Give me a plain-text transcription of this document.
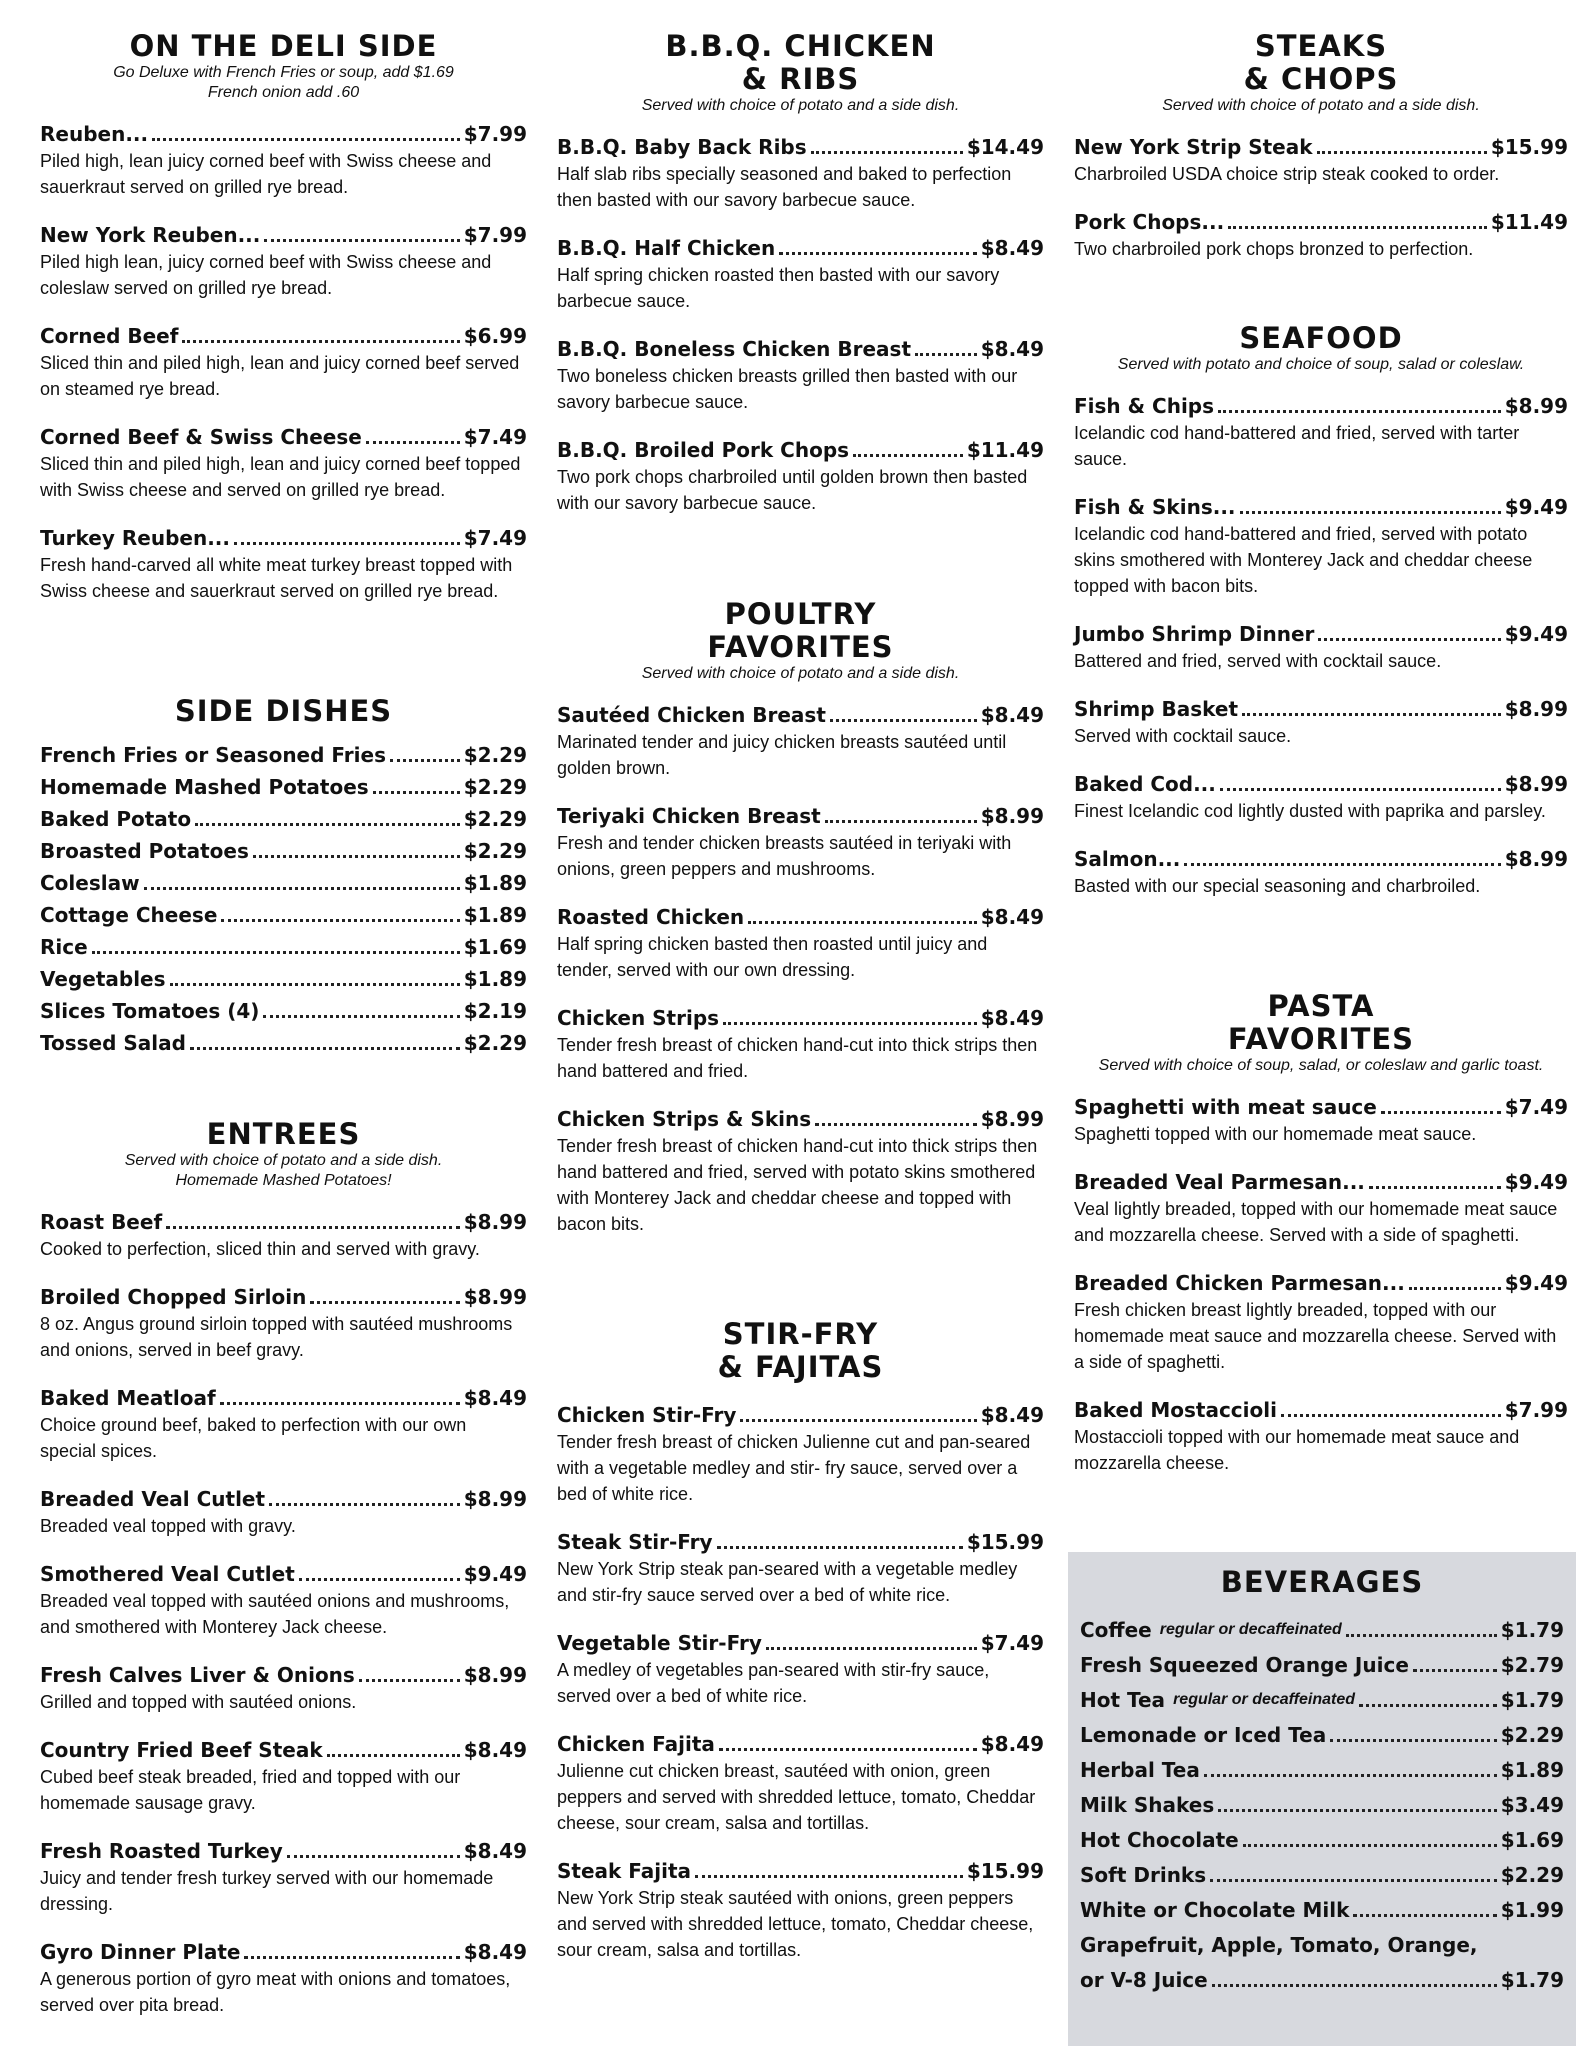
ON THE DELI SIDE
Go Deluxe with French Fries or soup, add $1.69
French onion add .60
Reuben...	$7.99
Piled high, lean juicy corned beef with Swiss cheese and sauerkraut served on grilled rye bread.
New York Reuben...	$7.99
Piled high lean, juicy corned beef with Swiss cheese and coleslaw served on grilled rye bread.
Corned Beef	$6.99
Sliced thin and piled high, lean and juicy corned beef served on steamed rye bread.
Corned Beef & Swiss Cheese	$7.49
Sliced thin and piled high, lean and juicy corned beef topped with Swiss cheese and served on grilled rye bread.
Turkey Reuben...	$7.49
Fresh hand-carved all white meat turkey breast topped with Swiss cheese and sauerkraut served on grilled rye bread.
SIDE DISHES
French Fries or Seasoned Fries	$2.29
Homemade Mashed Potatoes	$2.29
Baked Potato	$2.29
Broasted Potatoes	$2.29
Coleslaw	$1.89
Cottage Cheese	$1.89
Rice	$1.69
Vegetables	$1.89
Slices Tomatoes (4)	$2.19
Tossed Salad	$2.29
ENTREES
Served with choice of potato and a side dish.
Homemade Mashed Potatoes!
Roast Beef	$8.99
Cooked to perfection, sliced thin and served with gravy.
Broiled Chopped Sirloin	$8.99
8 oz. Angus ground sirloin topped with sautéed mushrooms and onions, served in beef gravy.
Baked Meatloaf	$8.49
Choice ground beef, baked to perfection with our own special spices.
Breaded Veal Cutlet	$8.99
Breaded veal topped with gravy.
Smothered Veal Cutlet	$9.49
Breaded veal topped with sautéed onions and mushrooms, and smothered with Monterey Jack cheese.
Fresh Calves Liver & Onions	$8.99
Grilled and topped with sautéed onions.
Country Fried Beef Steak	$8.49
Cubed beef steak breaded, fried and topped with our homemade sausage gravy.
Fresh Roasted Turkey	$8.49
Juicy and tender fresh turkey served with our homemade dressing.
Gyro Dinner Plate	$8.49
A generous portion of gyro meat with onions and tomatoes, served over pita bread.
B.B.Q. CHICKEN
& RIBS
Served with choice of potato and a side dish.
B.B.Q. Baby Back Ribs	$14.49
Half slab ribs specially seasoned and baked to perfection then basted with our savory barbecue sauce.
B.B.Q. Half Chicken	$8.49
Half spring chicken roasted then basted with our savory barbecue sauce.
B.B.Q. Boneless Chicken Breast	$8.49
Two boneless chicken breasts grilled then basted with our savory barbecue sauce.
B.B.Q. Broiled Pork Chops	$11.49
Two pork chops charbroiled until golden brown then basted with our savory barbecue sauce.
POULTRY
FAVORITES
Served with choice of potato and a side dish.
Sautéed Chicken Breast	$8.49
Marinated tender and juicy chicken breasts sautéed until golden brown.
Teriyaki Chicken Breast	$8.99
Fresh and tender chicken breasts sautéed in teriyaki with onions, green peppers and mushrooms.
Roasted Chicken	$8.49
Half spring chicken basted then roasted until juicy and tender, served with our own dressing.
Chicken Strips	$8.49
Tender fresh breast of chicken hand-cut into thick strips then hand battered and fried.
Chicken Strips & Skins	$8.99
Tender fresh breast of chicken hand-cut into thick strips then hand battered and fried, served with potato skins smothered with Monterey Jack and cheddar cheese and topped with bacon bits.
STIR-FRY
& FAJITAS
Chicken Stir-Fry	$8.49
Tender fresh breast of chicken Julienne cut and pan-seared with a vegetable medley and stir- fry sauce, served over a bed of white rice.
Steak Stir-Fry	$15.99
New York Strip steak pan-seared with a vegetable medley and stir-fry sauce served over a bed of white rice.
Vegetable Stir-Fry	$7.49
A medley of vegetables pan-seared with stir-fry sauce, served over a bed of white rice.
Chicken Fajita	$8.49
Julienne cut chicken breast, sautéed with onion, green peppers and served with shredded lettuce, tomato, Cheddar cheese, sour cream, salsa and tortillas.
Steak Fajita	$15.99
New York Strip steak sautéed with onions, green peppers and served with shredded lettuce, tomato, Cheddar cheese, sour cream, salsa and tortillas.
STEAKS
& CHOPS
Served with choice of potato and a side dish.
New York Strip Steak	$15.99
Charbroiled USDA choice strip steak cooked to order.
Pork Chops...	$11.49
Two charbroiled pork chops bronzed to perfection.
SEAFOOD
Served with potato and choice of soup, salad or coleslaw.
Fish & Chips	$8.99
Icelandic cod hand-battered and fried, served with tarter sauce.
Fish & Skins...	$9.49
Icelandic cod hand-battered and fried, served with potato skins smothered with Monterey Jack and cheddar cheese topped with bacon bits.
Jumbo Shrimp Dinner	$9.49
Battered and fried, served with cocktail sauce.
Shrimp Basket	$8.99
Served with cocktail sauce.
Baked Cod...	$8.99
Finest Icelandic cod lightly dusted with paprika and parsley.
Salmon...	$8.99
Basted with our special seasoning and charbroiled.
PASTA
FAVORITES
Served with choice of soup, salad, or coleslaw and garlic toast.
Spaghetti with meat sauce	$7.49
Spaghetti topped with our homemade meat sauce.
Breaded Veal Parmesan...	$9.49
Veal lightly breaded, topped with our homemade meat sauce and mozzarella cheese. Served with a side of spaghetti.
Breaded Chicken Parmesan...	$9.49
Fresh chicken breast lightly breaded, topped with our homemade meat sauce and mozzarella cheese. Served with a side of spaghetti.
Baked Mostaccioli	$7.99
Mostaccioli topped with our homemade meat sauce and mozzarella cheese.
BEVERAGES
Coffee regular or decaffeinated	$1.79
Fresh Squeezed Orange Juice	$2.79
Hot Tea regular or decaffeinated	$1.79
Lemonade or Iced Tea	$2.29
Herbal Tea	$1.89
Milk Shakes	$3.49
Hot Chocolate	$1.69
Soft Drinks	$2.29
White or Chocolate Milk	$1.99
Grapefruit, Apple, Tomato, Orange,
or V-8 Juice	$1.79
